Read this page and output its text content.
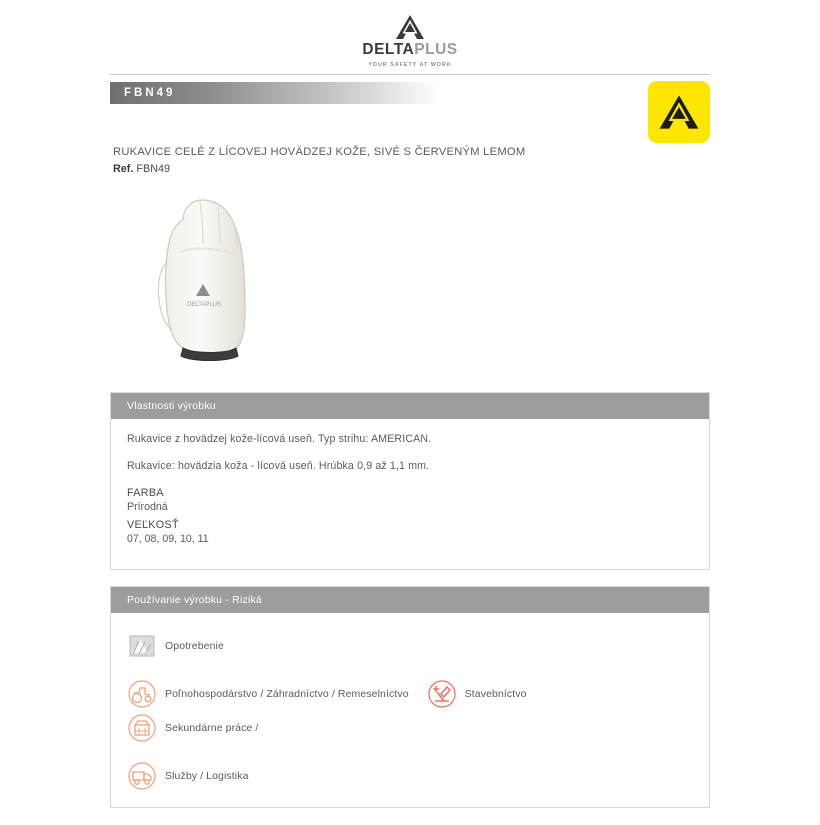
DELTAPLUS
YOUR SAFETY AT WORK
FBN49
RUKAVICE CELÉ Z LÍCOVEJ HOVÄDZEJ KOŽE, SIVÉ S ČERVENÝM LEMOM
Ref. FBN49
DELTAPLUS
Vlastnosti výrobku

Rukavice z hovädzej kože-lícová useň. Typ strihu: AMERICAN.

Rukavice: hovädzia koža - lícová useň. Hrúbka 0,9 až 1,1 mm.

FARBA
Prírodná
VEĽKOSŤ
07, 08, 09, 10, 11
Používanie výrobku - Riziká
Opotrebenie
Poľnohospodárstvo / Záhradníctvo / Remeselníctvo	Stavebníctvo
Sekundárne práce /
Služby / Logistika
